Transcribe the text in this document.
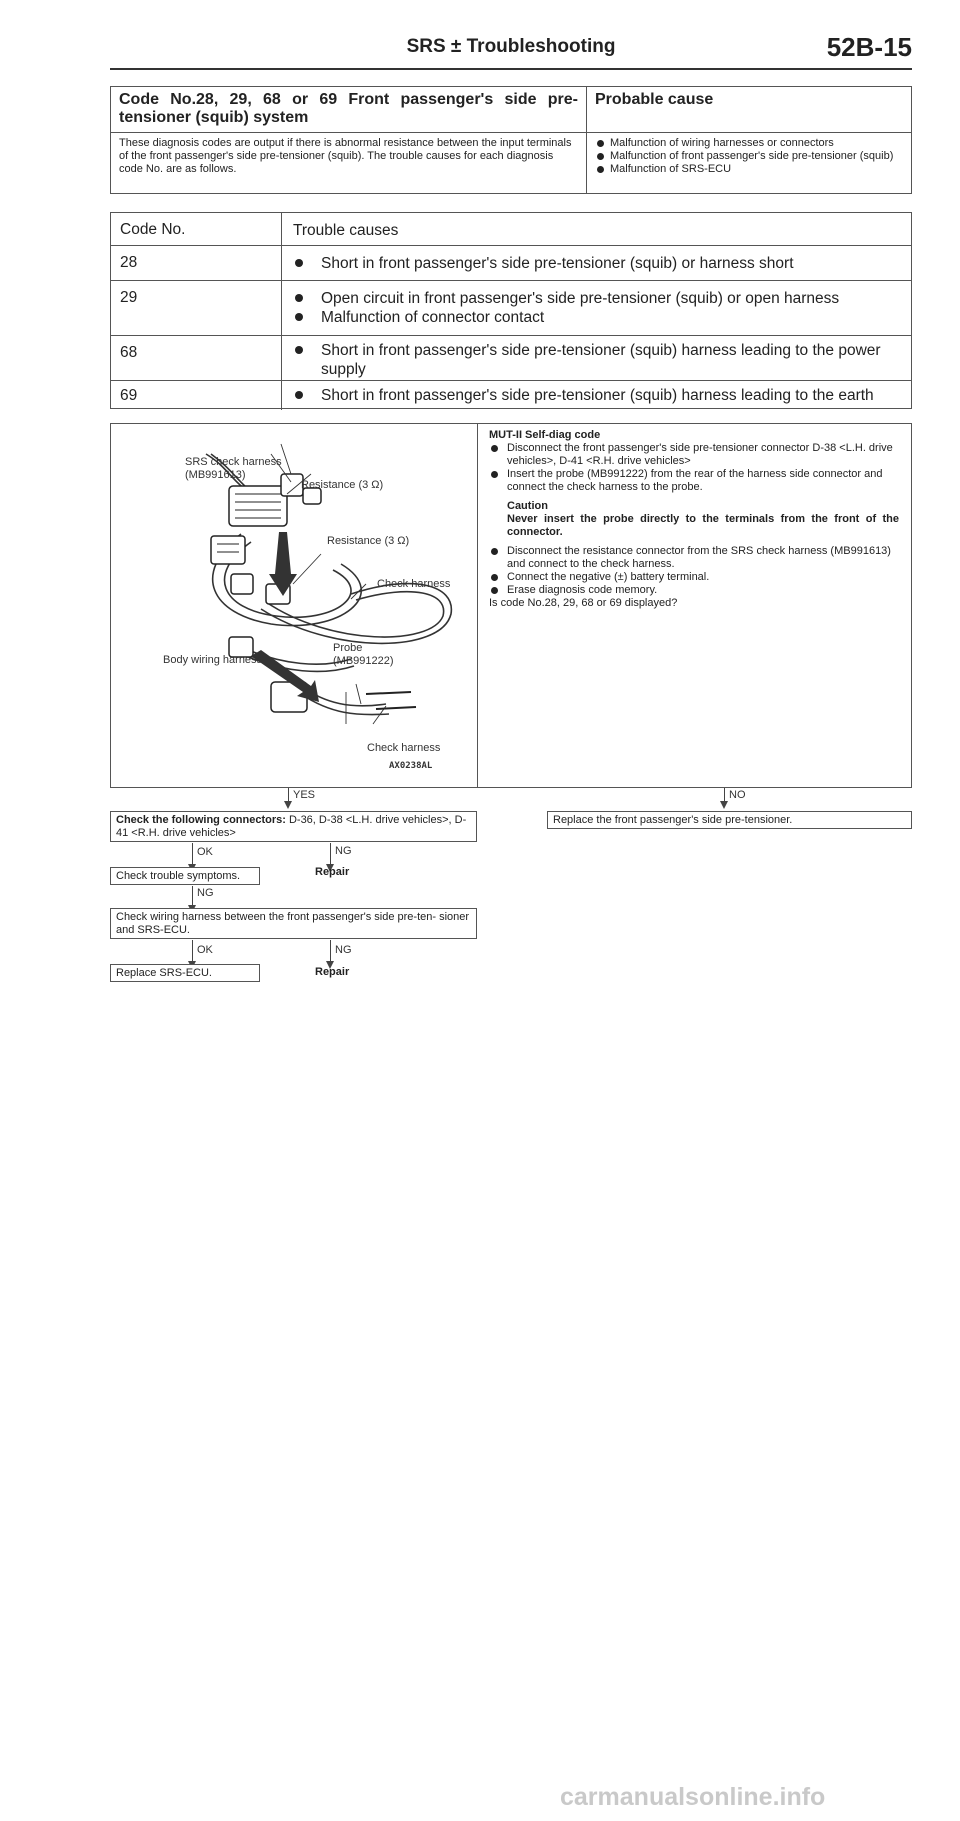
SRS ± Troubleshooting	52B-15
Code No.28, 29, 68 or 69 Front passenger's side pre-tensioner (squib) system
Probable cause
These diagnosis codes are output if there is abnormal resistance between the input terminals of the front passenger's side pre-tensioner (squib). The trouble causes for each diagnosis code No. are as follows.
Malfunction of wiring harnesses or connectors
Malfunction of front passenger's side pre-tensioner (squib)
Malfunction of SRS-ECU
Code No.	Trouble causes
28	Short in front passenger's side pre-tensioner (squib) or harness short
29	Open circuit in front passenger's side pre-tensioner (squib) or open harness
Malfunction of connector contact
68	Short in front passenger's side pre-tensioner (squib) harness leading to the power supply
69	Short in front passenger's side pre-tensioner (squib) harness leading to the earth
SRS check harness
(MB991613)
Resistance (3 Ω)
Resistance (3 Ω)
Check harness
Body wiring harness
Probe
(MB991222)
Check harness
AX0238AL
MUT-II Self-diag code
Disconnect the front passenger's side pre-tensioner connector D-38 <L.H. drive vehicles>, D-41 <R.H. drive vehicles>
Insert the probe (MB991222) from the rear of the harness side connector and connect the check harness to the probe.
Caution
Never insert the probe directly to the terminals from the front of the connector.
Disconnect the resistance connector from the SRS check harness (MB991613) and connect to the check harness.
Connect the negative (±) battery terminal.
Erase diagnosis code memory.
Is code No.28, 29, 68 or 69 displayed?
YES	NO
Check the following connectors: D-36, D-38 <L.H. drive vehicles>, D-41 <R.H. drive vehicles>
Replace the front passenger's side pre-tensioner.
OK	NG
Repair
Check trouble symptoms.
NG
Check wiring harness between the front passenger's side pre-ten- sioner and SRS-ECU.
OK	NG
Repair
Replace SRS-ECU.
carmanualsonline.info
